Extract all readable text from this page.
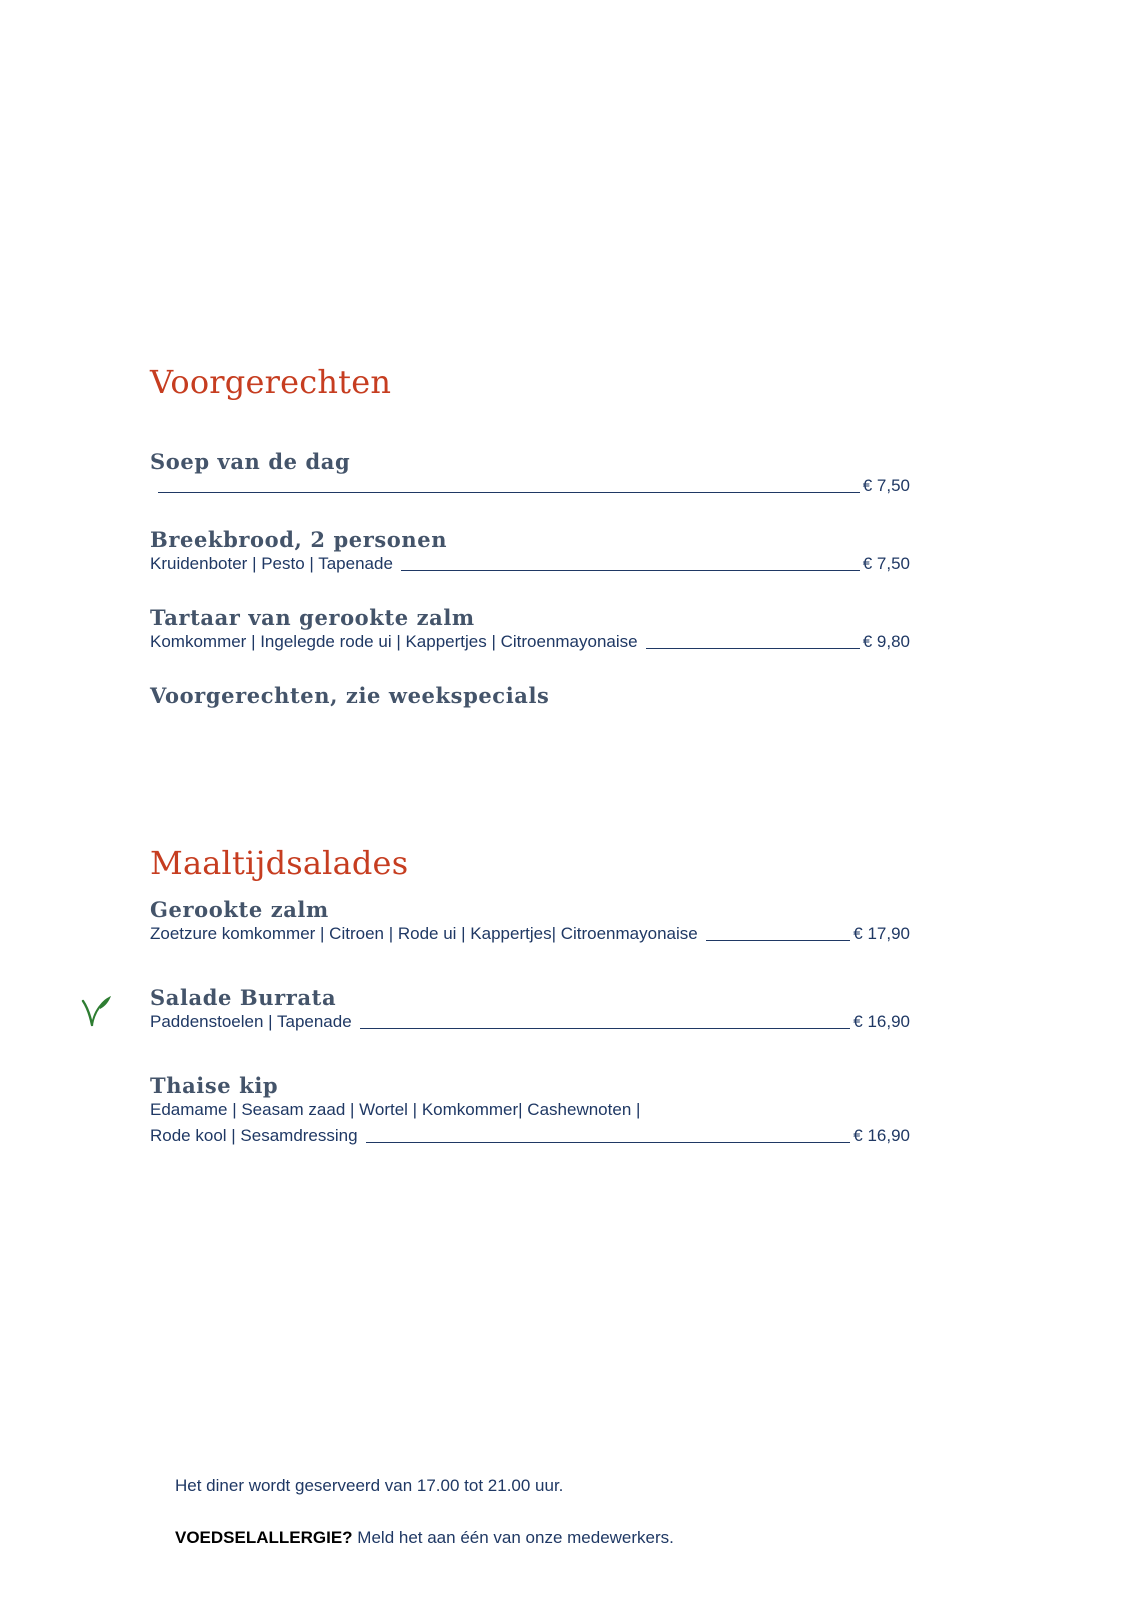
Voorgerechten
Soep van de dag
€ 7,50
Breekbrood, 2 personen
Kruidenboter | Pesto | Tapenade	€ 7,50
Tartaar van gerookte zalm
Komkommer | Ingelegde rode ui | Kappertjes | Citroenmayonaise	€ 9,80
Voorgerechten, zie weekspecials
Maaltijdsalades
Gerookte zalm
Zoetzure komkommer | Citroen | Rode ui | Kappertjes| Citroenmayonaise	€ 17,90
Salade Burrata
Paddenstoelen | Tapenade	€ 16,90
Thaise kip
Edamame | Seasam zaad | Wortel | Komkommer| Cashewnoten |
Rode kool | Sesamdressing	€ 16,90
Het diner wordt geserveerd van 17.00 tot 21.00 uur.
VOEDSELALLERGIE? Meld het aan één van onze medewerkers.
